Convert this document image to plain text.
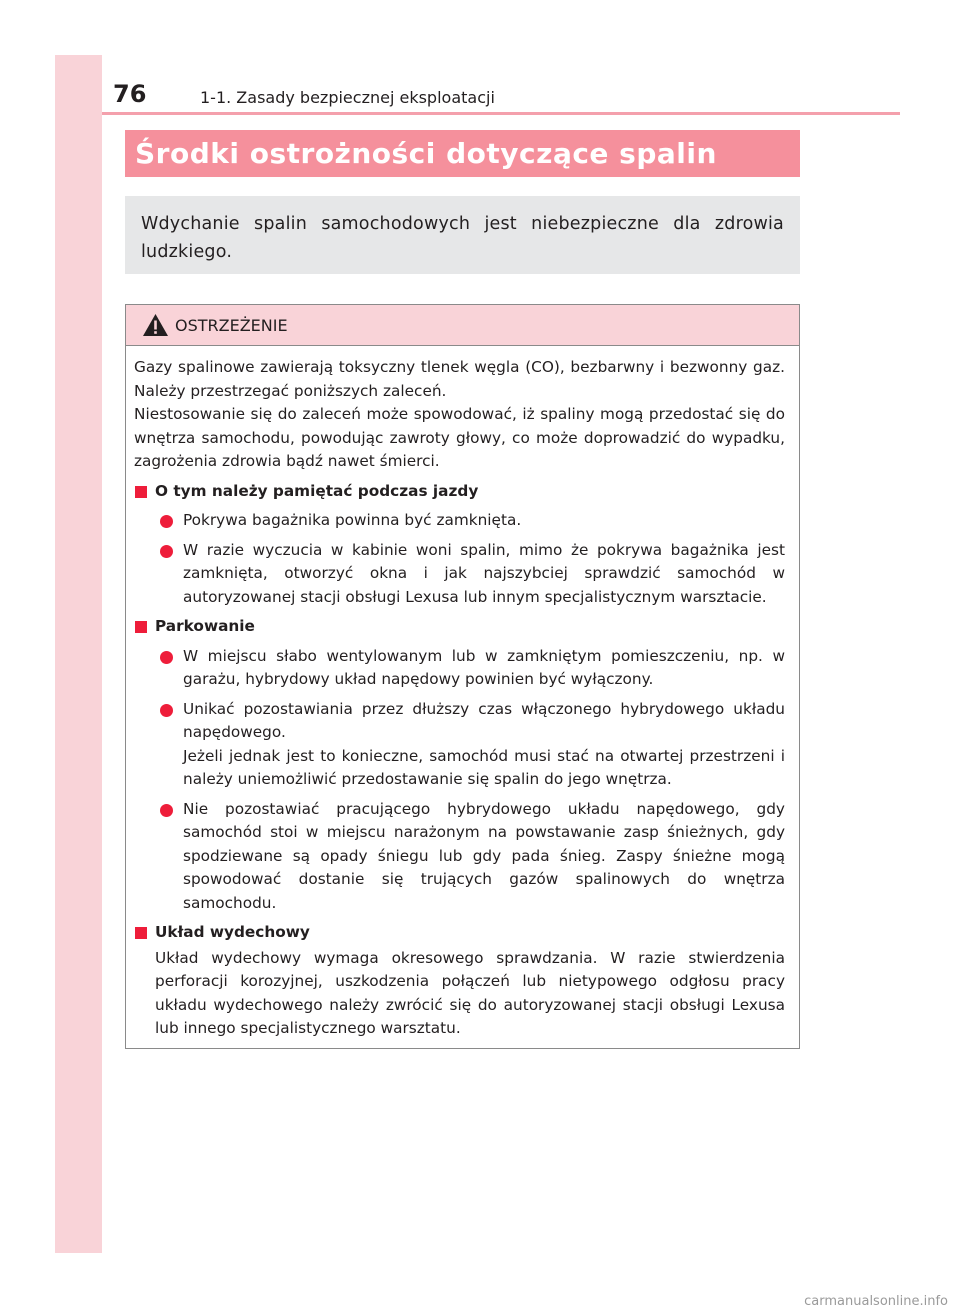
76	1-1. Zasady bezpiecznej eksploatacji
Środki ostrożności dotyczące spalin
Wdychanie spalin samochodowych jest niebezpieczne dla zdrowia ludzkiego.
OSTRZEŻENIE
Gazy spalinowe zawierają toksyczny tlenek węgla (CO), bezbarwny i bezwonny gaz. Należy przestrzegać poniższych zaleceń.
Niestosowanie się do zaleceń może spowodować, iż spaliny mogą przedostać się do wnętrza samochodu, powodując zawroty głowy, co może doprowadzić do wypadku, zagrożenia zdrowia bądź nawet śmierci.
O tym należy pamiętać podczas jazdy
Pokrywa bagażnika powinna być zamknięta.
W razie wyczucia w kabinie woni spalin, mimo że pokrywa bagażnika jest zamknięta, otworzyć okna i jak najszybciej sprawdzić samochód w autoryzowanej stacji obsługi Lexusa lub innym specjalistycznym warsztacie.
Parkowanie
W miejscu słabo wentylowanym lub w zamkniętym pomieszczeniu, np. w garażu, hybrydowy układ napędowy powinien być wyłączony.
Unikać pozostawiania przez dłuższy czas włączonego hybrydowego układu napędowego.
Jeżeli jednak jest to konieczne, samochód musi stać na otwartej przestrzeni i należy uniemożliwić przedostawanie się spalin do jego wnętrza.
Nie pozostawiać pracującego hybrydowego układu napędowego, gdy samochód stoi w miejscu narażonym na powstawanie zasp śnieżnych, gdy spodziewane są opady śniegu lub gdy pada śnieg. Zaspy śnieżne mogą spowodować dostanie się trujących gazów spalinowych do wnętrza samochodu.
Układ wydechowy
Układ wydechowy wymaga okresowego sprawdzania. W razie stwierdzenia perforacji korozyjnej, uszkodzenia połączeń lub nietypowego odgłosu pracy układu wydechowego należy zwrócić się do autoryzowanej stacji obsługi Lexusa lub innego specjalistycznego warsztatu.
carmanualsonline.info
